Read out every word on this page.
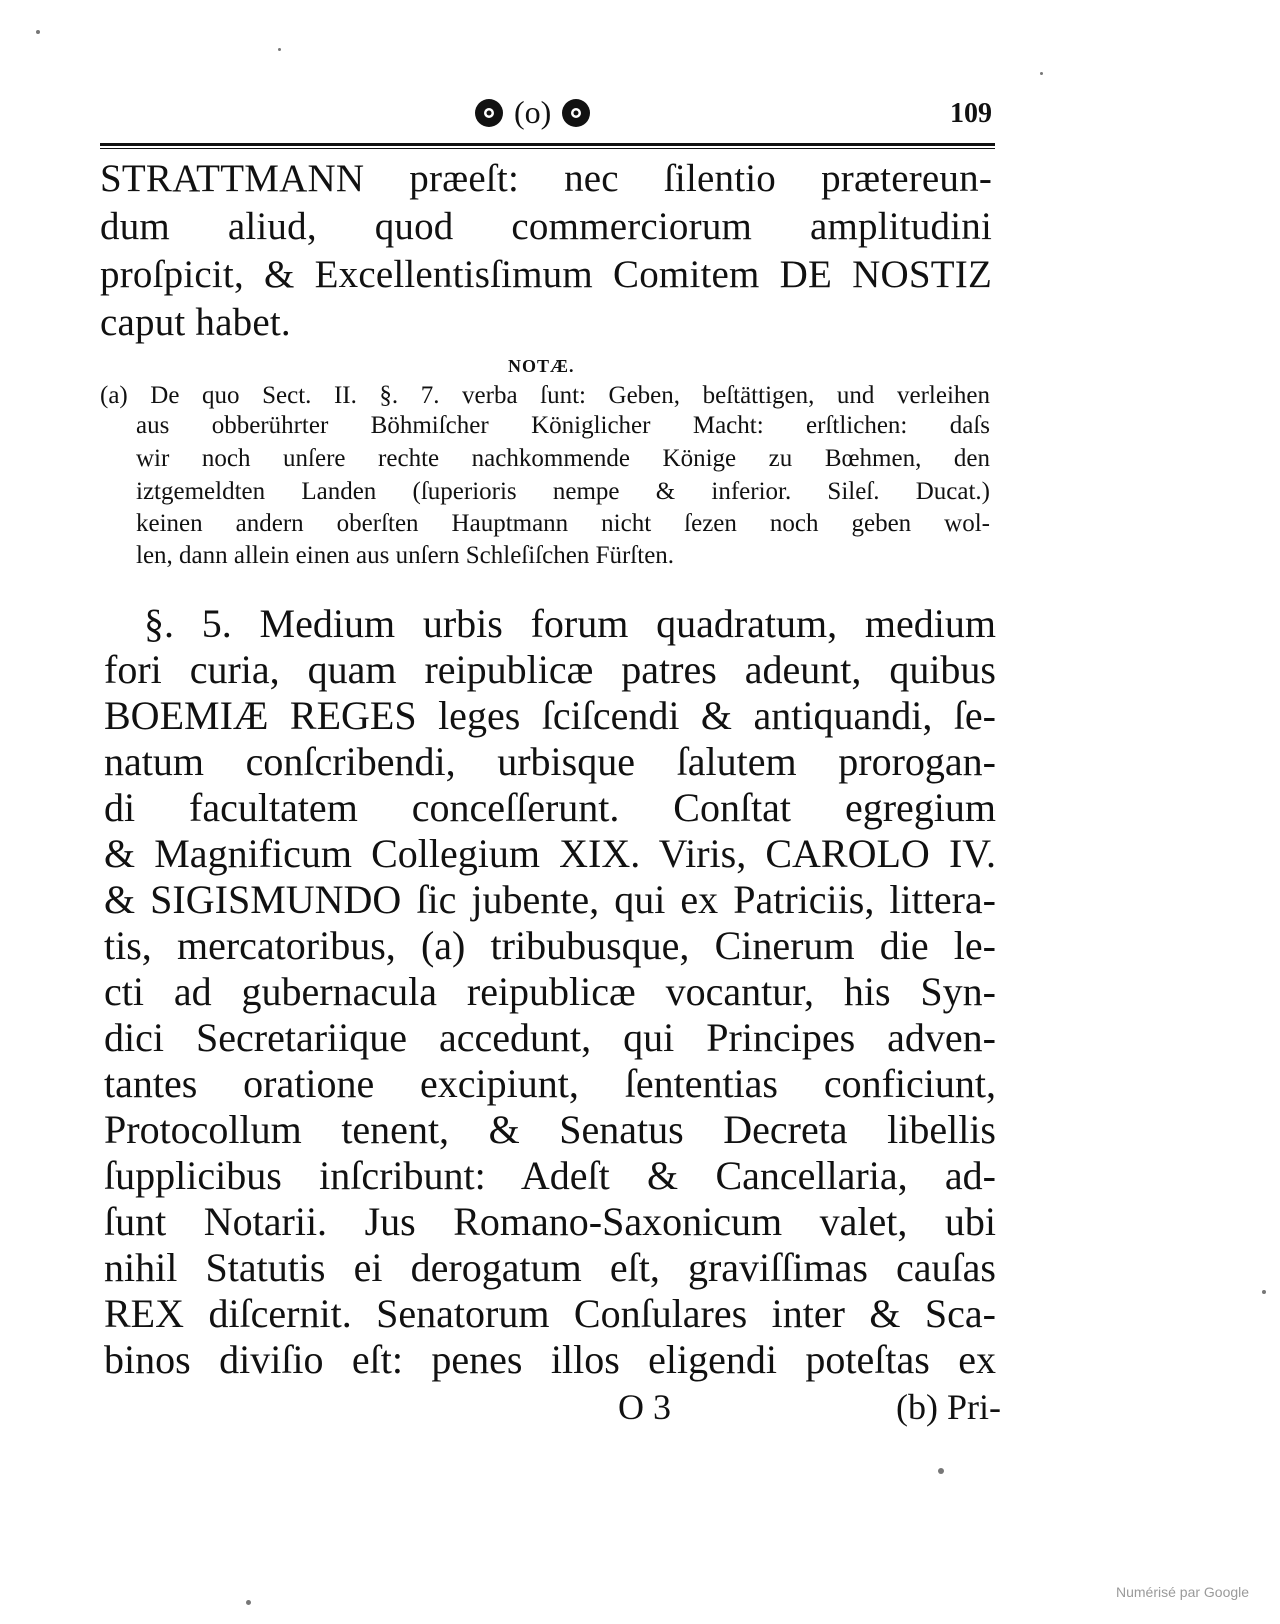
(o)	109
STRATTMANN præeſt: nec ſilentio prætereun-
dum aliud, quod commerciorum amplitudini
proſpicit, & Excellentisſimum Comitem DE NOSTIZ
caput habet.
NOTÆ.
(a) De quo Sect. II. §. 7. verba ſunt: Geben, beſtättigen, und verleihen
aus obberührter Böhmiſcher Königlicher Macht: erſtlichen: daſs
wir noch unſere rechte nachkommende Könige zu Bœhmen, den
iztgemeldten Landen (ſuperioris nempe & inferior. Sileſ. Ducat.)
keinen andern oberſten Hauptmann nicht ſezen noch geben wol-
len, dann allein einen aus unſern Schleſiſchen Fürſten.
§. 5. Medium urbis forum quadratum, medium
fori curia, quam reipublicæ patres adeunt, quibus
BOEMIÆ REGES leges ſciſcendi & antiquandi, ſe-
natum conſcribendi, urbisque ſalutem prorogan-
di facultatem conceſſerunt. Conſtat egregium
& Magnificum Collegium XIX. Viris, CAROLO IV.
& SIGISMUNDO ſic jubente, qui ex Patriciis, littera-
tis, mercatoribus, (a) tribubusque, Cinerum die le-
cti ad gubernacula reipublicæ vocantur, his Syn-
dici Secretariique accedunt, qui Principes adven-
tantes oratione excipiunt, ſententias conficiunt,
Protocollum tenent, & Senatus Decreta libellis
ſupplicibus inſcribunt: Adeſt & Cancellaria, ad-
ſunt Notarii. Jus Romano-Saxonicum valet, ubi
nihil Statutis ei derogatum eſt, graviſſimas cauſas
REX diſcernit. Senatorum Conſulares inter & Sca-
binos diviſio eſt: penes illos eligendi poteſtas ex
O 3	(b) Pri-
Numérisé par Google
